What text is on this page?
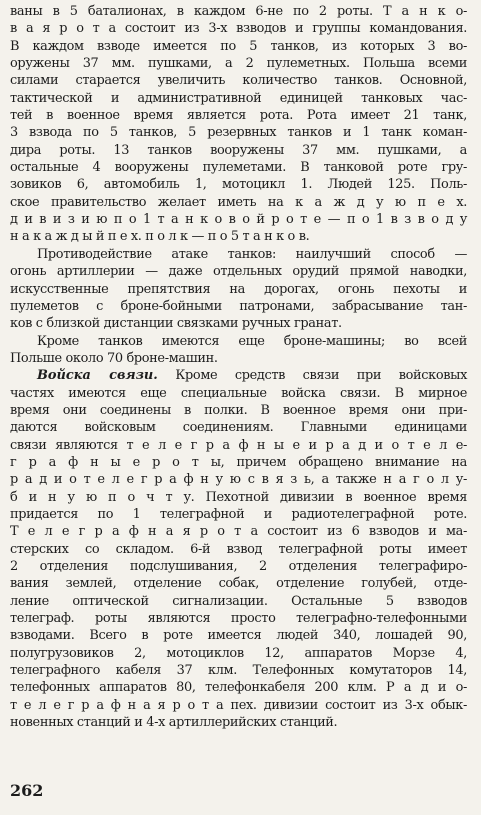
ваны в 5 баталионах, в каждом 6-не по 2 роты. Т а н к о-
в а я р о т а состоит из 3-х взводов и группы командования.
В каждом взводе имеется по 5 танков, из которых 3 во-
оружены 37 мм. пушками, а 2 пулеметных. Польша всеми
силами старается увеличить количество танков. Основной,
тактической и административной единицей танковых час-
тей в военное время является рота. Рота имеет 21 танк,
3 взвода по 5 танков, 5 резервных танков и 1 танк коман-
дира роты. 13 танков вооружены 37 мм. пушками, а
остальные 4 вооружены пулеметами. В танковой роте гру-
зовиков 6, автомобиль 1, мотоцикл 1. Людей 125. Поль-
ское правительство желает иметь на к а ж д у ю п е х.
д и в и з и ю п о 1 т а н к о в о й р о т е — п о 1 в з в о д у
н а к а ж д ы й п е х. п о л к — п о 5 т а н к о в.
Противодействие атаке танков: наилучший способ —
огонь артиллерии — даже отдельных орудий прямой наводки,
искусственные препятствия на дорогах, огонь пехоты и
пулеметов с броне-бойными патронами, забрасывание тан-
ков с близкой дистанции связками ручных гранат.
Кроме танков имеются еще броне-машины; во всей
Польше около 70 броне-машин.
Войска связи. Кроме средств связи при войсковых
частях имеются еще специальные войска связи. В мирное
время они соединены в полки. В военное время они при-
даются войсковым соединениям. Главными единицами
связи являются т е л е г р а ф н ы е и р а д и о т е л е-
г р а ф н ы е р о т ы, причем обращено внимание на
р а д и о т е л е г р а ф н у ю с в я з ь, а также н а г о л у-
б и н у ю п о ч т у. Пехотной дивизии в военное время
придается по 1 телеграфной и радиотелеграфной роте.
Т е л е г р а ф н а я р о т а состоит из 6 взводов и ма-
стерских со складом. 6-й взвод телеграфной роты имеет
2 отделения подслушивания, 2 отделения телеграфиро-
вания землей, отделение собак, отделение голубей, отде-
ление оптической сигнализации. Остальные 5 взводов
телеграф. роты являются просто телеграфно-телефонными
взводами. Всего в роте имеется людей 340, лошадей 90,
полугрузовиков 2, мотоциклов 12, аппаратов Морзе 4,
телеграфного кабеля 37 клм. Телефонных комутаторов 14,
телефонных аппаратов 80, телефонкабеля 200 клм. Р а д и о-
т е л е г р а ф н а я р о т а пех. дивизии состоит из 3-х обык-
новенных станций и 4-х артиллерийских станций.
262
